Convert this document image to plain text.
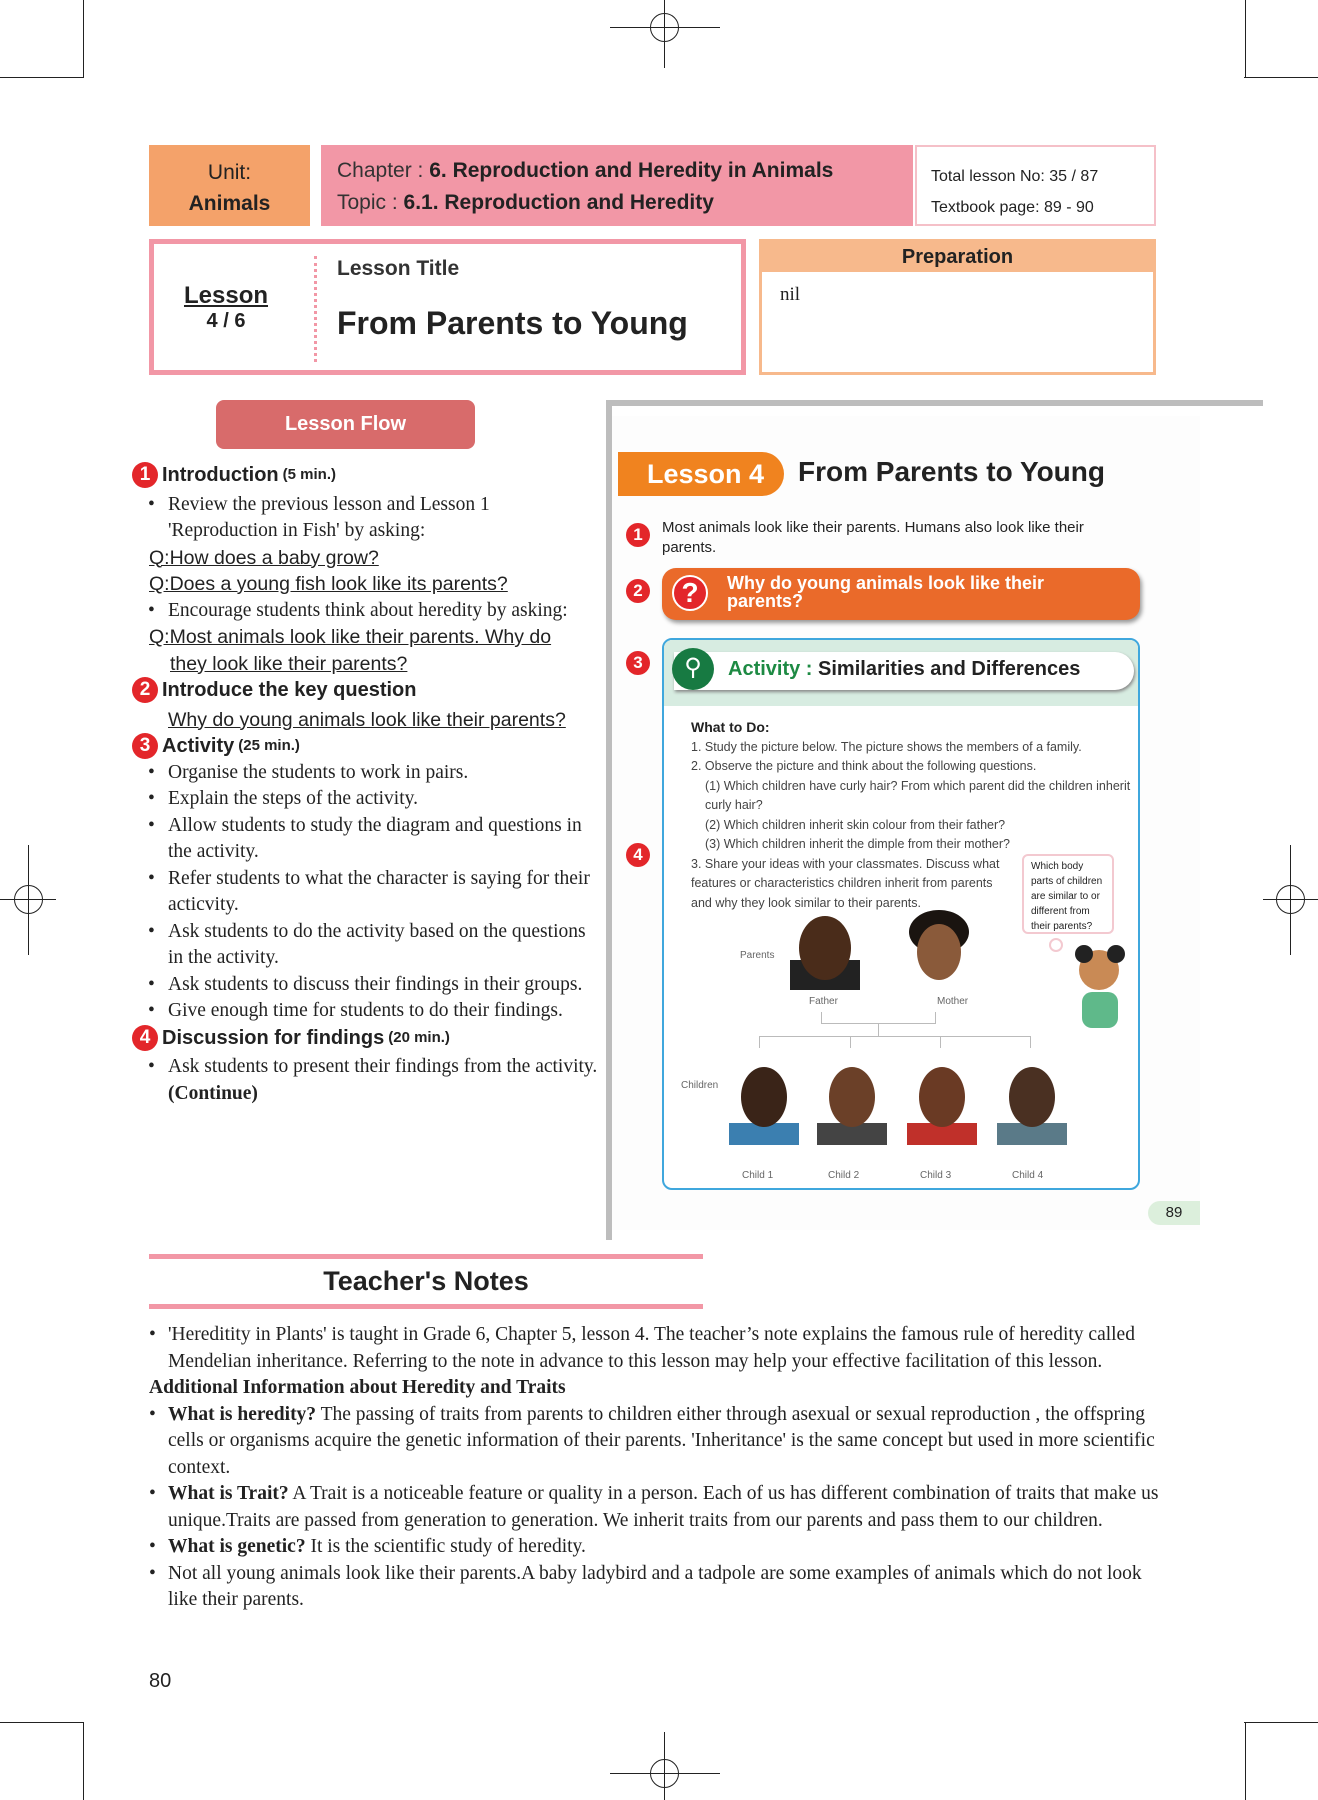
Unit:
Animals
Chapter : 6. Reproduction and Heredity in Animals
Topic : 6.1. Reproduction and Heredity
Total lesson No: 35 / 87
Textbook page: 89 - 90
Lesson
4 / 6
Lesson Title
From Parents to Young
Preparation
nil
Lesson Flow
1 Introduction (5 min.)
• Review the previous lesson and Lesson 1 'Reproduction in Fish' by asking:
Q:How does a baby grow?
Q:Does a young fish look like its parents?
• Encourage students think about heredity by asking:
Q:Most animals look like their parents. Why do
they look like their parents?
2 Introduce the key question
Why do young animals look like their parents?
3 Activity (25 min.)
• Organise the students to work in pairs.
• Explain the steps of the activity.
• Allow students to study the diagram and questions in the activity.
• Refer students to what the character is saying for their acticvity.
• Ask students to do the activity based on the questions in the activity.
• Ask students to discuss their findings in their groups.
• Give enough time for students to do their findings.
4 Discussion for findings (20 min.)
• Ask students to present their findings from the activity.
(Continue)
Lesson 4	From Parents to Young
1	Most animals look like their parents. Humans also look like their parents.
2	?	Why do young animals look like their parents?
3	⚲	Activity : Similarities and Differences
What to Do:
1. Study the picture below. The picture shows the members of a family.
2. Observe the picture and think about the following questions.
(1) Which children have curly hair? From which parent did the children inherit curly hair?
(2) Which children inherit skin colour from their father?
(3) Which children inherit the dimple from their mother?
3. Share your ideas with your classmates. Discuss what features or characteristics children inherit from parents and why they look similar to their parents.
Which body parts of children are similar to or different from their parents?
Parents
Father	Mother
Children
Child 1	Child 2	Child 3	Child 4
4
89
Teacher's Notes
• 'Hereditity in Plants' is taught in Grade 6, Chapter 5, lesson 4. The teacher’s note explains the famous rule of heredity called Mendelian inheritance. Referring to the note in advance to this lesson may help your effective facilitation of this lesson.
Additional Information about Heredity and Traits
• What is heredity? The passing of traits from parents to children either through asexual or sexual reproduction , the offspring cells or organisms acquire the genetic information of their parents. 'Inheritance' is the same concept but used in more scientific context.
• What is Trait? A Trait is a noticeable feature or quality in a person. Each of us has different combination of traits that make us unique.Traits are passed from generation to generation. We inherit traits from our parents and pass them to our children.
• What is genetic? It is the scientific study of heredity.
• Not all young animals look like their parents.A baby ladybird and a tadpole are some examples of animals which do not look like their parents.
80
